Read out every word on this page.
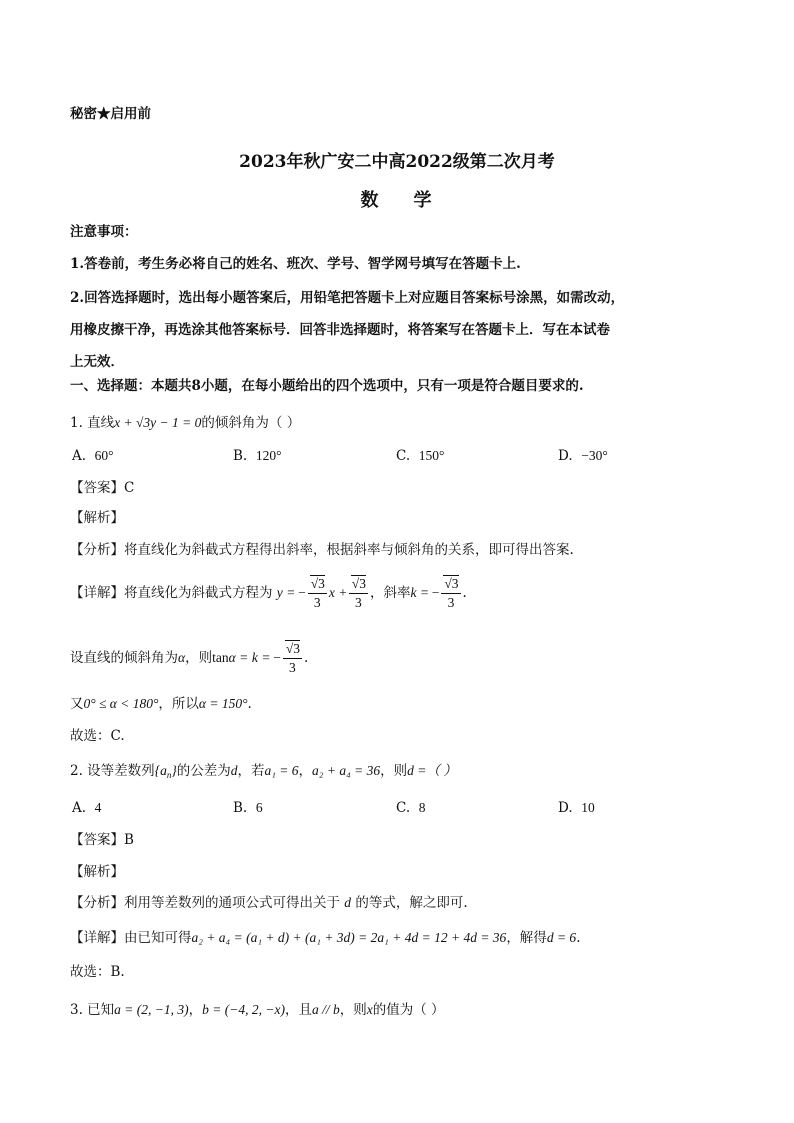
秘密★启用前
2023年秋广安二中高2022级第二次月考
数    学
注意事项：
1.答卷前，考生务必将自己的姓名、班次、学号、智学网号填写在答题卡上.
2.回答选择题时，选出每小题答案后，用铅笔把答题卡上对应题目答案标号涂黑，如需改动，
用橡皮擦干净，再选涂其他答案标号．回答非选择题时，将答案写在答题卡上．写在本试卷
上无效．
一、选择题：本题共8小题，在每小题给出的四个选项中，只有一项是符合题目要求的.
1. 直线x + √3y − 1 = 0的倾斜角为（ ）
A. 60°	B. 120°	C. 150°	D. −30°
【答案】C
【解析】
【分析】将直线化为斜截式方程得出斜率，根据斜率与倾斜角的关系，即可得出答案.
【详解】将直线化为斜截式方程为 y = − $\frac{√3}{3}$ $x + \frac{√3}{3}$ ，斜率k = − $\frac{√3}{3}$ .
设直线的倾斜角为α，则tanα = k = − $\frac{√3}{3}$ .
又0° ≤ α < 180°，所以α = 150°.
故选：C.
2. 设等差数列$\{a_n\}$的公差为d，若a₁ = 6，a₂ + a₄ = 36，则d =（ ）
A. 4	B. 6	C. 8	D. 10
【答案】B
【解析】
【分析】利用等差数列的通项公式可得出关于 d 的等式，解之即可.
【详解】由已知可得a₂ + a₄ = (a₁ + d) + (a₁ + 3d) = 2a₁ + 4d = 12 + 4d = 36，解得d = 6.
故选：B.
3. 已知a = (2, −1, 3)，b = (−4, 2, −x)，且a // b，则x的值为（ ）
